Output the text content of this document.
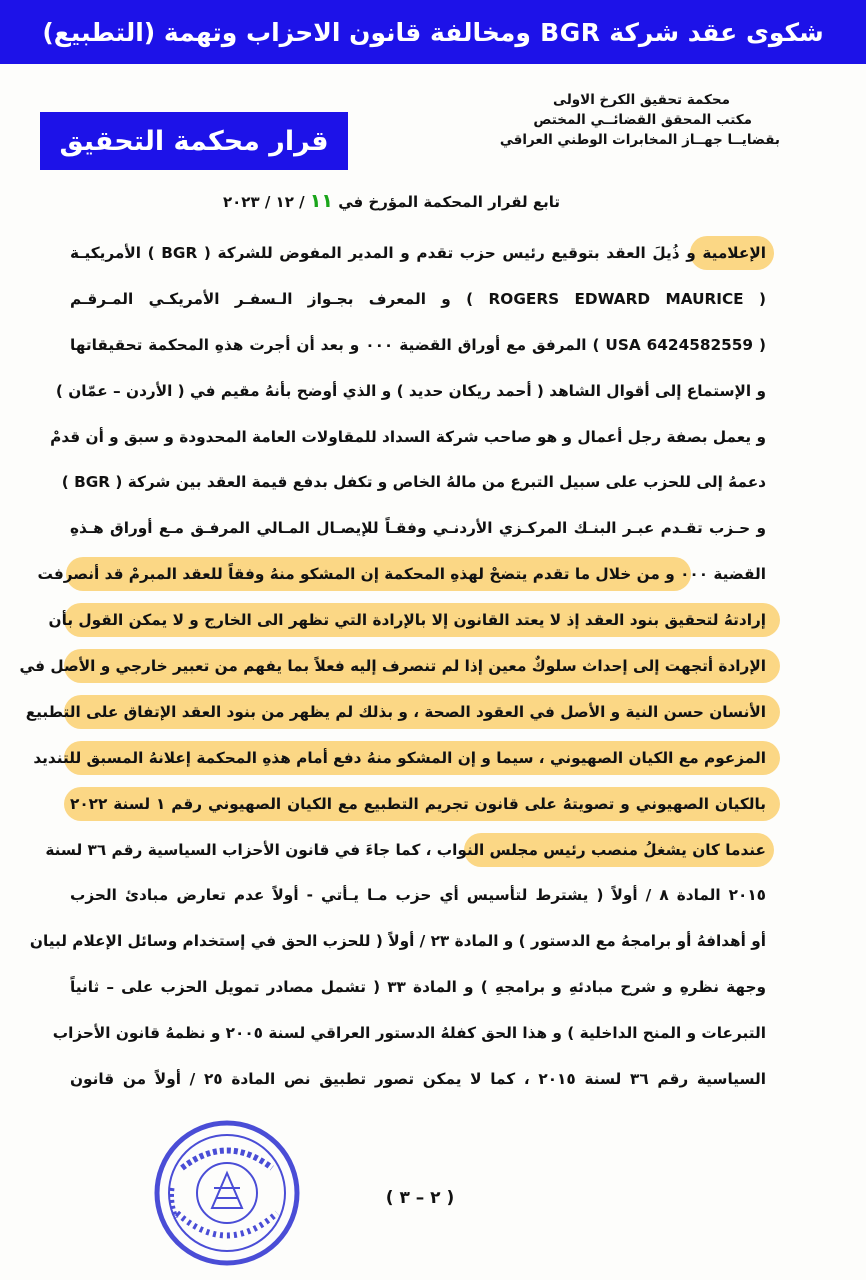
شكوى عقد شركة BGR ومخالفة قانون الاحزاب وتهمة (التطبيع)
محكمة تحقيق الكرخ الاولى
مكتب المحقق القضائــي المختص
بقضايــا جهــاز المخابرات الوطني العراقي
قرار محكمة التحقيق
تابع لقرار المحكمة المؤرخ في ١١ / ١٢ / ٢٠٢٣
الإعلامية و ذُيلَ العقد بتوقيع رئيس حزب تقدم و المدير المفوض للشركة ( BGR ) الأمريكيـة
( ROGERS EDWARD MAURICE ) و المعرف بجـواز الـسفـر الأمريكـي المـرقـم
( USA 6424582559 ) المرفق مع أوراق القضية ٠٠٠ و بعد أن أجرت هذهِ المحكمة تحقيقاتها
و الإستماع إلى أقوال الشاهد ( أحمد ريكان حديد ) و الذي أوضح بأنهُ مقيم في ( الأردن – عمّان )
و يعمل بصفة رجل أعمال و هو صاحب شركة السداد للمقاولات العامة المحدودة و سبق و أن قدمْ
دعمهُ إلى للحزب على سبيل التبرع من مالهُ الخاص و تكفل بدفع قيمة العقد بين شركة ( BGR )
و حـزب تقـدم عبـر البنـك المركـزي الأردنـي وفقـاً للإيصـال المـالي المرفـق مـع أوراق هـذهِ
القضية ٠٠٠ و من خلال ما تقدم يتضحْ لهذهِ المحكمة إن المشكو منهُ وفقاً للعقد المبرمْ قد أنصرفت
إرادتهُ لتحقيق بنود العقد إذ لا يعتد القانون إلا بالإرادة التي تظهر الى الخارج و لا يمكن القول بأن
الإرادة أتجهت إلى إحداث سلوكٌ معين إذا لم تنصرف إليه فعلاً بما يفهم من تعبير خارجي و الأصل في
الأنسان حسن النية و الأصل في العقود الصحة ، و بذلك لم يظهر من بنود العقد الإتفاق على التطبيع
المزعوم مع الكيان الصهيوني ، سيما و إن المشكو منهُ دفع أمام هذهِ المحكمة إعلانهُ المسبق للتنديد
بالكيان الصهيوني و تصويتهُ على قانون تجريم التطبيع مع الكيان الصهيوني رقم ١ لسنة ٢٠٢٢
عندما كان يشغلُ منصب رئيس مجلس النواب ، كما جاءَ في قانون الأحزاب السياسية رقم ٣٦ لسنة
٢٠١٥ المادة ٨ / أولاً ( يشترط لتأسيس أي حزب مـا يـأتي - أولاً عدم تعارض مبادئ الحزب
أو أهدافهُ أو برامجهُ مع الدستور ) و المادة ٢٣ / أولاً ( للحزب الحق في إستخدام وسائل الإعلام لبيان
وجهة نظرهِ و شرح مبادئهِ و برامجهِ ) و المادة ٣٣ ( تشمل مصادر تمويل الحزب على – ثانياً
التبرعات و المنح الداخلية ) و هذا الحق كفلهُ الدستور العراقي لسنة ٢٠٠٥ و نظمهُ قانون الأحزاب
السياسية رقم ٣٦ لسنة ٢٠١٥ ، كما لا يمكن تصور تطبيق نص المادة ٢٥ / أولاً من قانون
( ٢ – ٣ )
